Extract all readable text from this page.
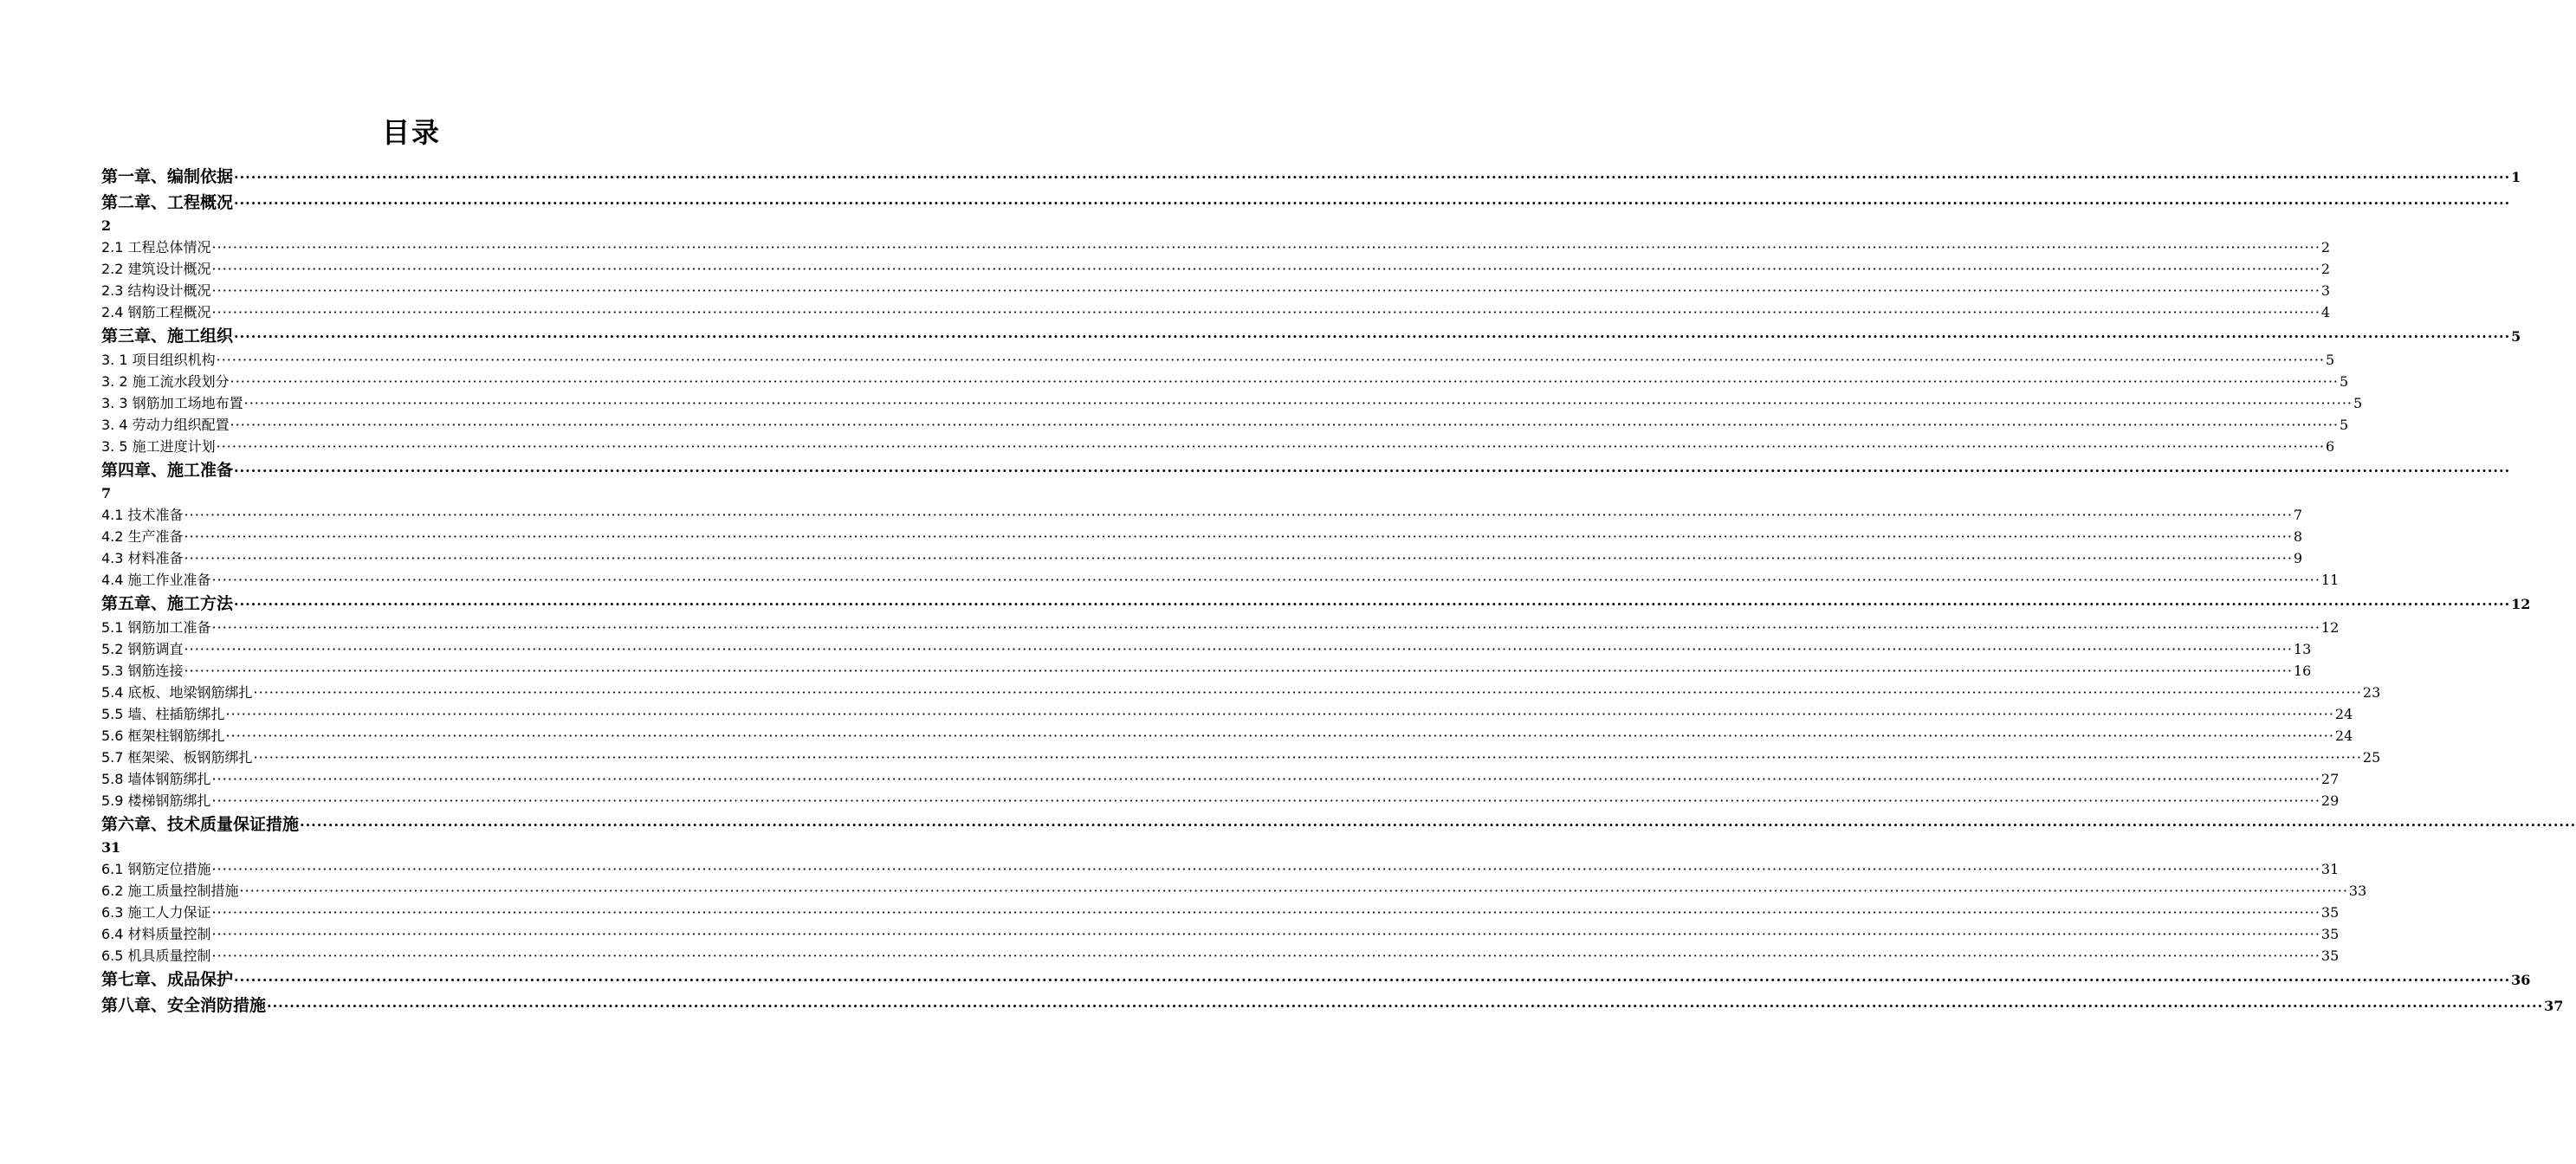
目录
第一章、编制依据 ················································································································································································································································································································································································································ 1
第二章、工程概况 ················································································································································································································································································································································································································
2
2.1 工程总体情况 ················································································································································································································································································································································································································ 2
2.2 建筑设计概况 ················································································································································································································································································································································································································ 2
2.3 结构设计概况 ················································································································································································································································································································································································································ 3
2.4 钢筋工程概况 ················································································································································································································································································································································································································ 4
第三章、施工组织 ················································································································································································································································································································································································································ 5
3. 1 项目组织机构 ················································································································································································································································································································································································································ 5
3. 2 施工流水段划分 ················································································································································································································································································································································································································ 5
3. 3 钢筋加工场地布置 ················································································································································································································································································································································································································ 5
3. 4 劳动力组织配置 ················································································································································································································································································································································································································ 5
3. 5 施工进度计划 ················································································································································································································································································································································································································ 6
第四章、施工准备 ················································································································································································································································································································································································································
7
4.1 技术准备 ················································································································································································································································································································································································································ 7
4.2 生产准备 ················································································································································································································································································································································································································ 8
4.3 材料准备 ················································································································································································································································································································································································································ 9
4.4 施工作业准备 ················································································································································································································································································································································································································ 11
第五章、施工方法 ················································································································································································································································································································································································································ 12
5.1 钢筋加工准备 ················································································································································································································································································································································································································ 12
5.2 钢筋调直 ················································································································································································································································································································································································································ 13
5.3 钢筋连接 ················································································································································································································································································································································································································ 16
5.4 底板、地梁钢筋绑扎 ················································································································································································································································································································································································································ 23
5.5 墙、柱插筋绑扎 ················································································································································································································································································································································································································ 24
5.6 框架柱钢筋绑扎 ················································································································································································································································································································································································································ 24
5.7 框架梁、板钢筋绑扎 ················································································································································································································································································································································································································ 25
5.8 墙体钢筋绑扎 ················································································································································································································································································································································································································ 27
5.9 楼梯钢筋绑扎 ················································································································································································································································································································································································································ 29
第六章、技术质量保证措施 ················································································································································································································································································································································································································
31
6.1 钢筋定位措施 ················································································································································································································································································································································································································ 31
6.2 施工质量控制措施 ················································································································································································································································································································································································································ 33
6.3 施工人力保证 ················································································································································································································································································································································································································ 35
6.4 材料质量控制 ················································································································································································································································································································································································································ 35
6.5 机具质量控制 ················································································································································································································································································································································································································ 35
第七章、成品保护 ················································································································································································································································································································································································································ 36
第八章、安全消防措施 ················································································································································································································································································································································································································ 37
